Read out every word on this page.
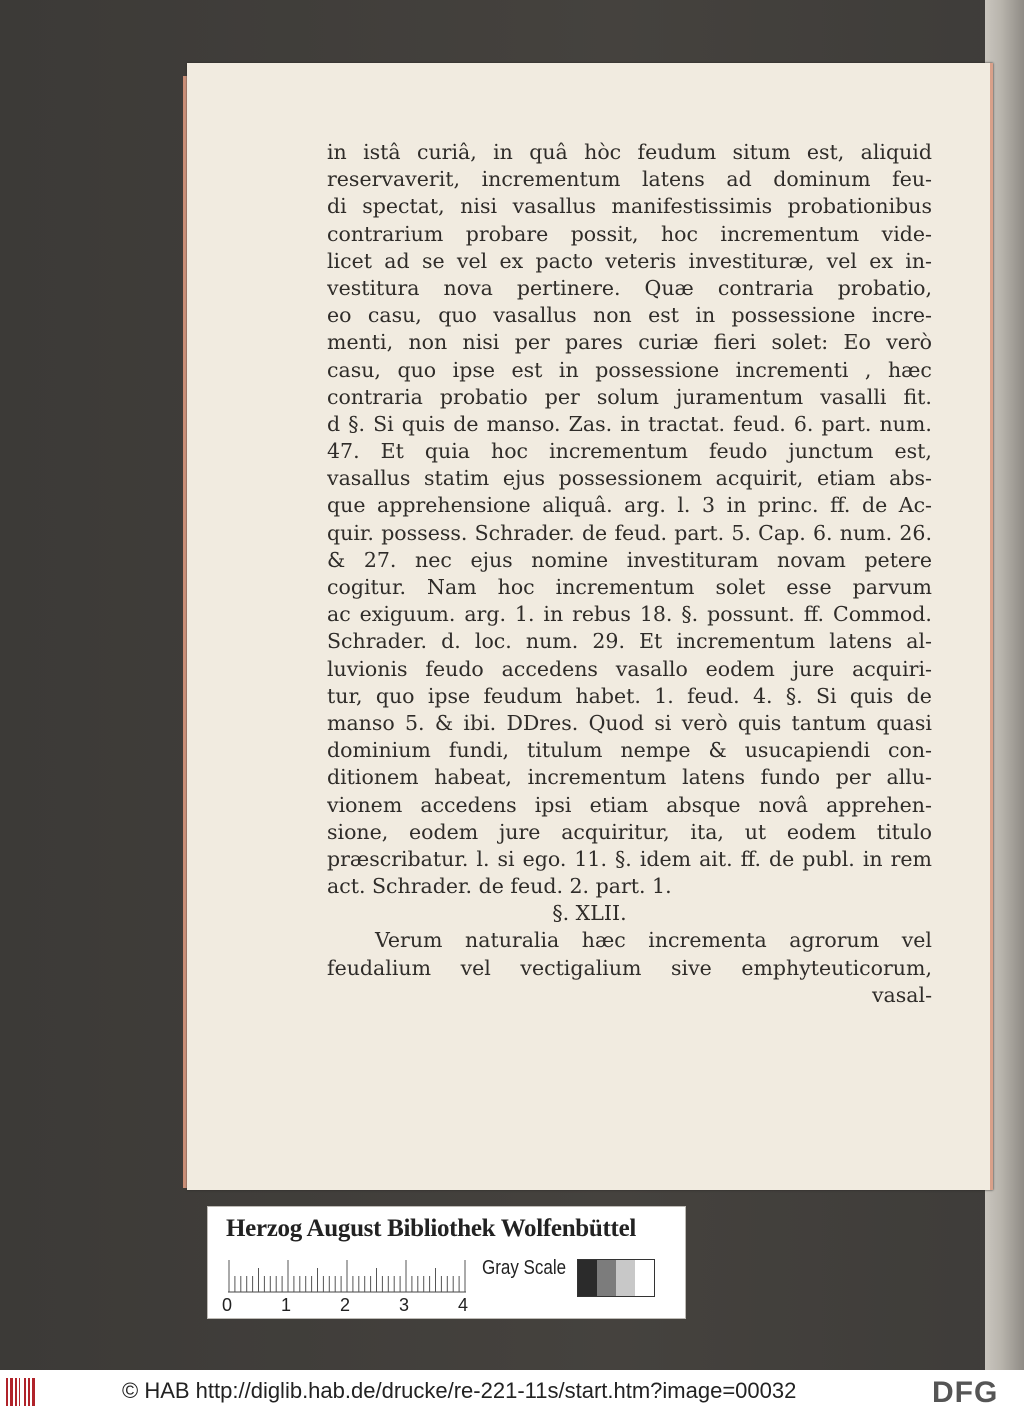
in istâ curiâ, in quâ hòc feudum situm est, aliquid
reservaverit, incrementum latens ad dominum feu-
di spectat, nisi vasallus manifestissimis probationibus
contrarium probare possit, hoc incrementum vide-
licet ad se vel ex pacto veteris investituræ, vel ex in-
vestitura nova pertinere. Quæ contraria probatio,
eo casu, quo vasallus non est in possessione incre-
menti, non nisi per pares curiæ fieri solet: Eo verò
casu, quo ipse est in possessione incrementi , hæc
contraria probatio per solum juramentum vasalli fit.
d §. Si quis de manso. Zas. in tractat. feud. 6. part. num.
47. Et quia hoc incrementum feudo junctum est,
vasallus statim ejus possessionem acquirit, etiam abs-
que apprehensione aliquâ. arg. l. 3 in princ. ff. de Ac-
quir. possess. Schrader. de feud. part. 5. Cap. 6. num. 26.
& 27. nec ejus nomine investituram novam petere
cogitur. Nam hoc incrementum solet esse parvum
ac exiguum. arg. 1. in rebus 18. §. possunt. ff. Commod.
Schrader. d. loc. num. 29. Et incrementum latens al-
luvionis feudo accedens vasallo eodem jure acquiri-
tur, quo ipse feudum habet. 1. feud. 4. §. Si quis de
manso 5. & ibi. DDres. Quod si verò quis tantum quasi
dominium fundi, titulum nempe & usucapiendi con-
ditionem habeat, incrementum latens fundo per allu-
vionem accedens ipsi etiam absque novâ apprehen-
sione, eodem jure acquiritur, ita, ut eodem titulo
præscribatur. l. si ego. 11. §. idem ait. ff. de publ. in rem
act.
Schrader.
de
feud.
2.
part.
1.
§. XLII.
Verum naturalia hæc incrementa agrorum vel
feudalium vel vectigalium sive emphyteuticorum,
vasal-
Herzog August Bibliothek Wolfenbüttel
Gray Scale
0	1	2	3	4
© HAB http://diglib.hab.de/drucke/re-221-11s/start.htm?image=00032	DFG
